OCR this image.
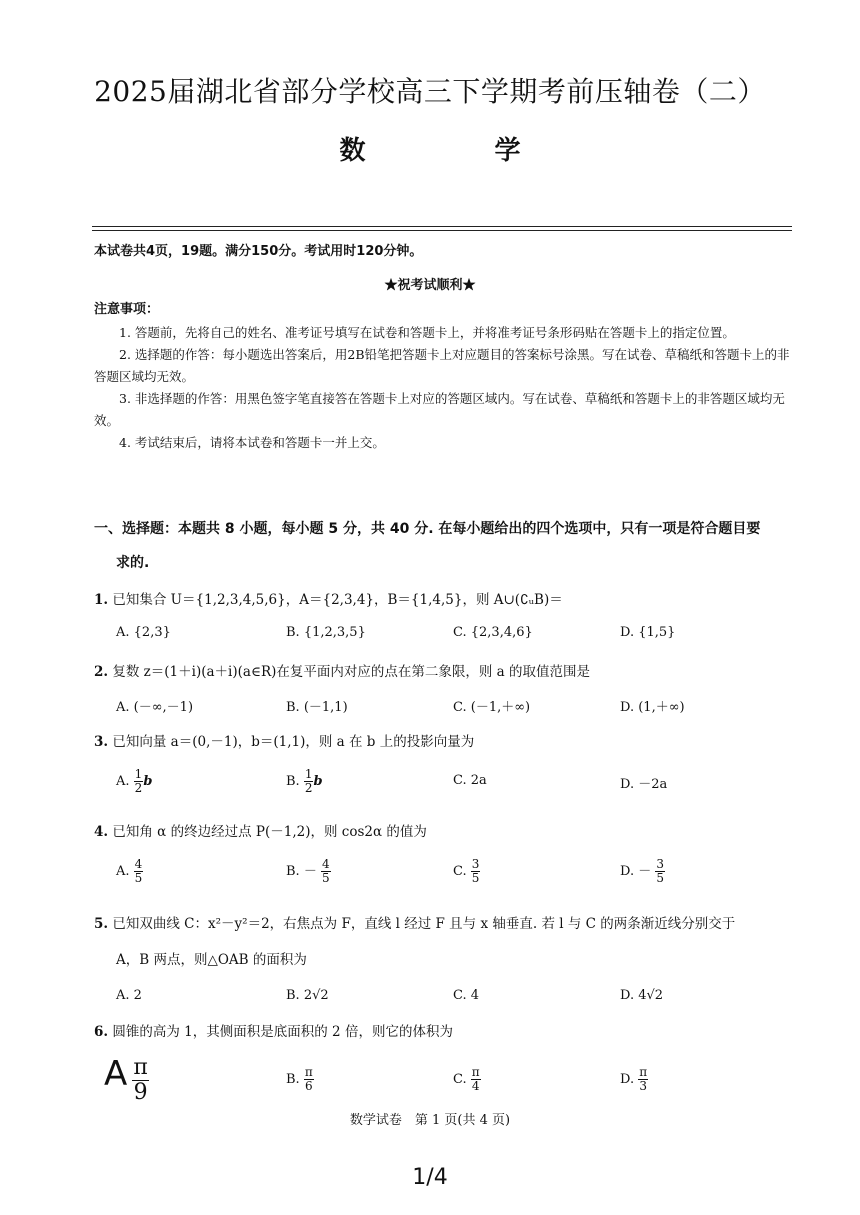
2025届湖北省部分学校高三下学期考前压轴卷（二）
数 学
本试卷共4页，19题。满分150分。考试用时120分钟。
★祝考试顺利★
注意事项：

1. 答题前，先将自己的姓名、准考证号填写在试卷和答题卡上，并将准考证号条形码贴在答题卡上的指定位置。

2. 选择题的作答：每小题选出答案后，用2B铅笔把答题卡上对应题目的答案标号涂黑。写在试卷、草稿纸和答题卡上的非答题区域均无效。

3. 非选择题的作答：用黑色签字笔直接答在答题卡上对应的答题区域内。写在试卷、草稿纸和答题卡上的非答题区域均无效。

4. 考试结束后，请将本试卷和答题卡一并上交。

一、选择题：本题共 8 小题，每小题 5 分，共 40 分. 在每小题给出的四个选项中，只有一项是符合题目要
求的.
1. 已知集合 U＝{1,2,3,4,5,6}，A＝{2,3,4}，B＝{1,4,5}，则 A∪(∁ᵤB)＝
A. {2,3}	B. {1,2,3,5}	C. {2,3,4,6}	D. {1,5}
2. 复数 z＝(1＋i)(a＋i)(a∈R)在复平面内对应的点在第二象限，则 a 的取值范围是
A. (－∞,－1)	B. (－1,1)	C. (－1,＋∞)	D. (1,＋∞)
3. 已知向量 a＝(0,－1)，b＝(1,1)，则 a 在 b 上的投影向量为
A. $\frac{1}{2}$ b	B. $\frac{1}{2}$ b	C. 2a	D. －2a
4. 已知角 α 的终边经过点 P(－1,2)，则 cos2α 的值为
A. $\frac{4}{5}$	B. － $\frac{4}{5}$	C. $\frac{3}{5}$	D. － $\frac{3}{5}$
5. 已知双曲线 C：x²－y²＝2，右焦点为 F，直线 l 经过 F 且与 x 轴垂直. 若 l 与 C 的两条渐近线分别交于
A，B 两点，则△OAB 的面积为
A. 2	B. 2√2	C. 4	D. 4√2
6. 圆锥的高为 1，其侧面积是底面积的 2 倍，则它的体积为
A $\frac{\pi}{9}$	B. $\frac{\pi}{6}$	C. $\frac{\pi}{4}$	D. $\frac{\pi}{3}$
数学试卷　第 1 页(共 4 页)
1/4
